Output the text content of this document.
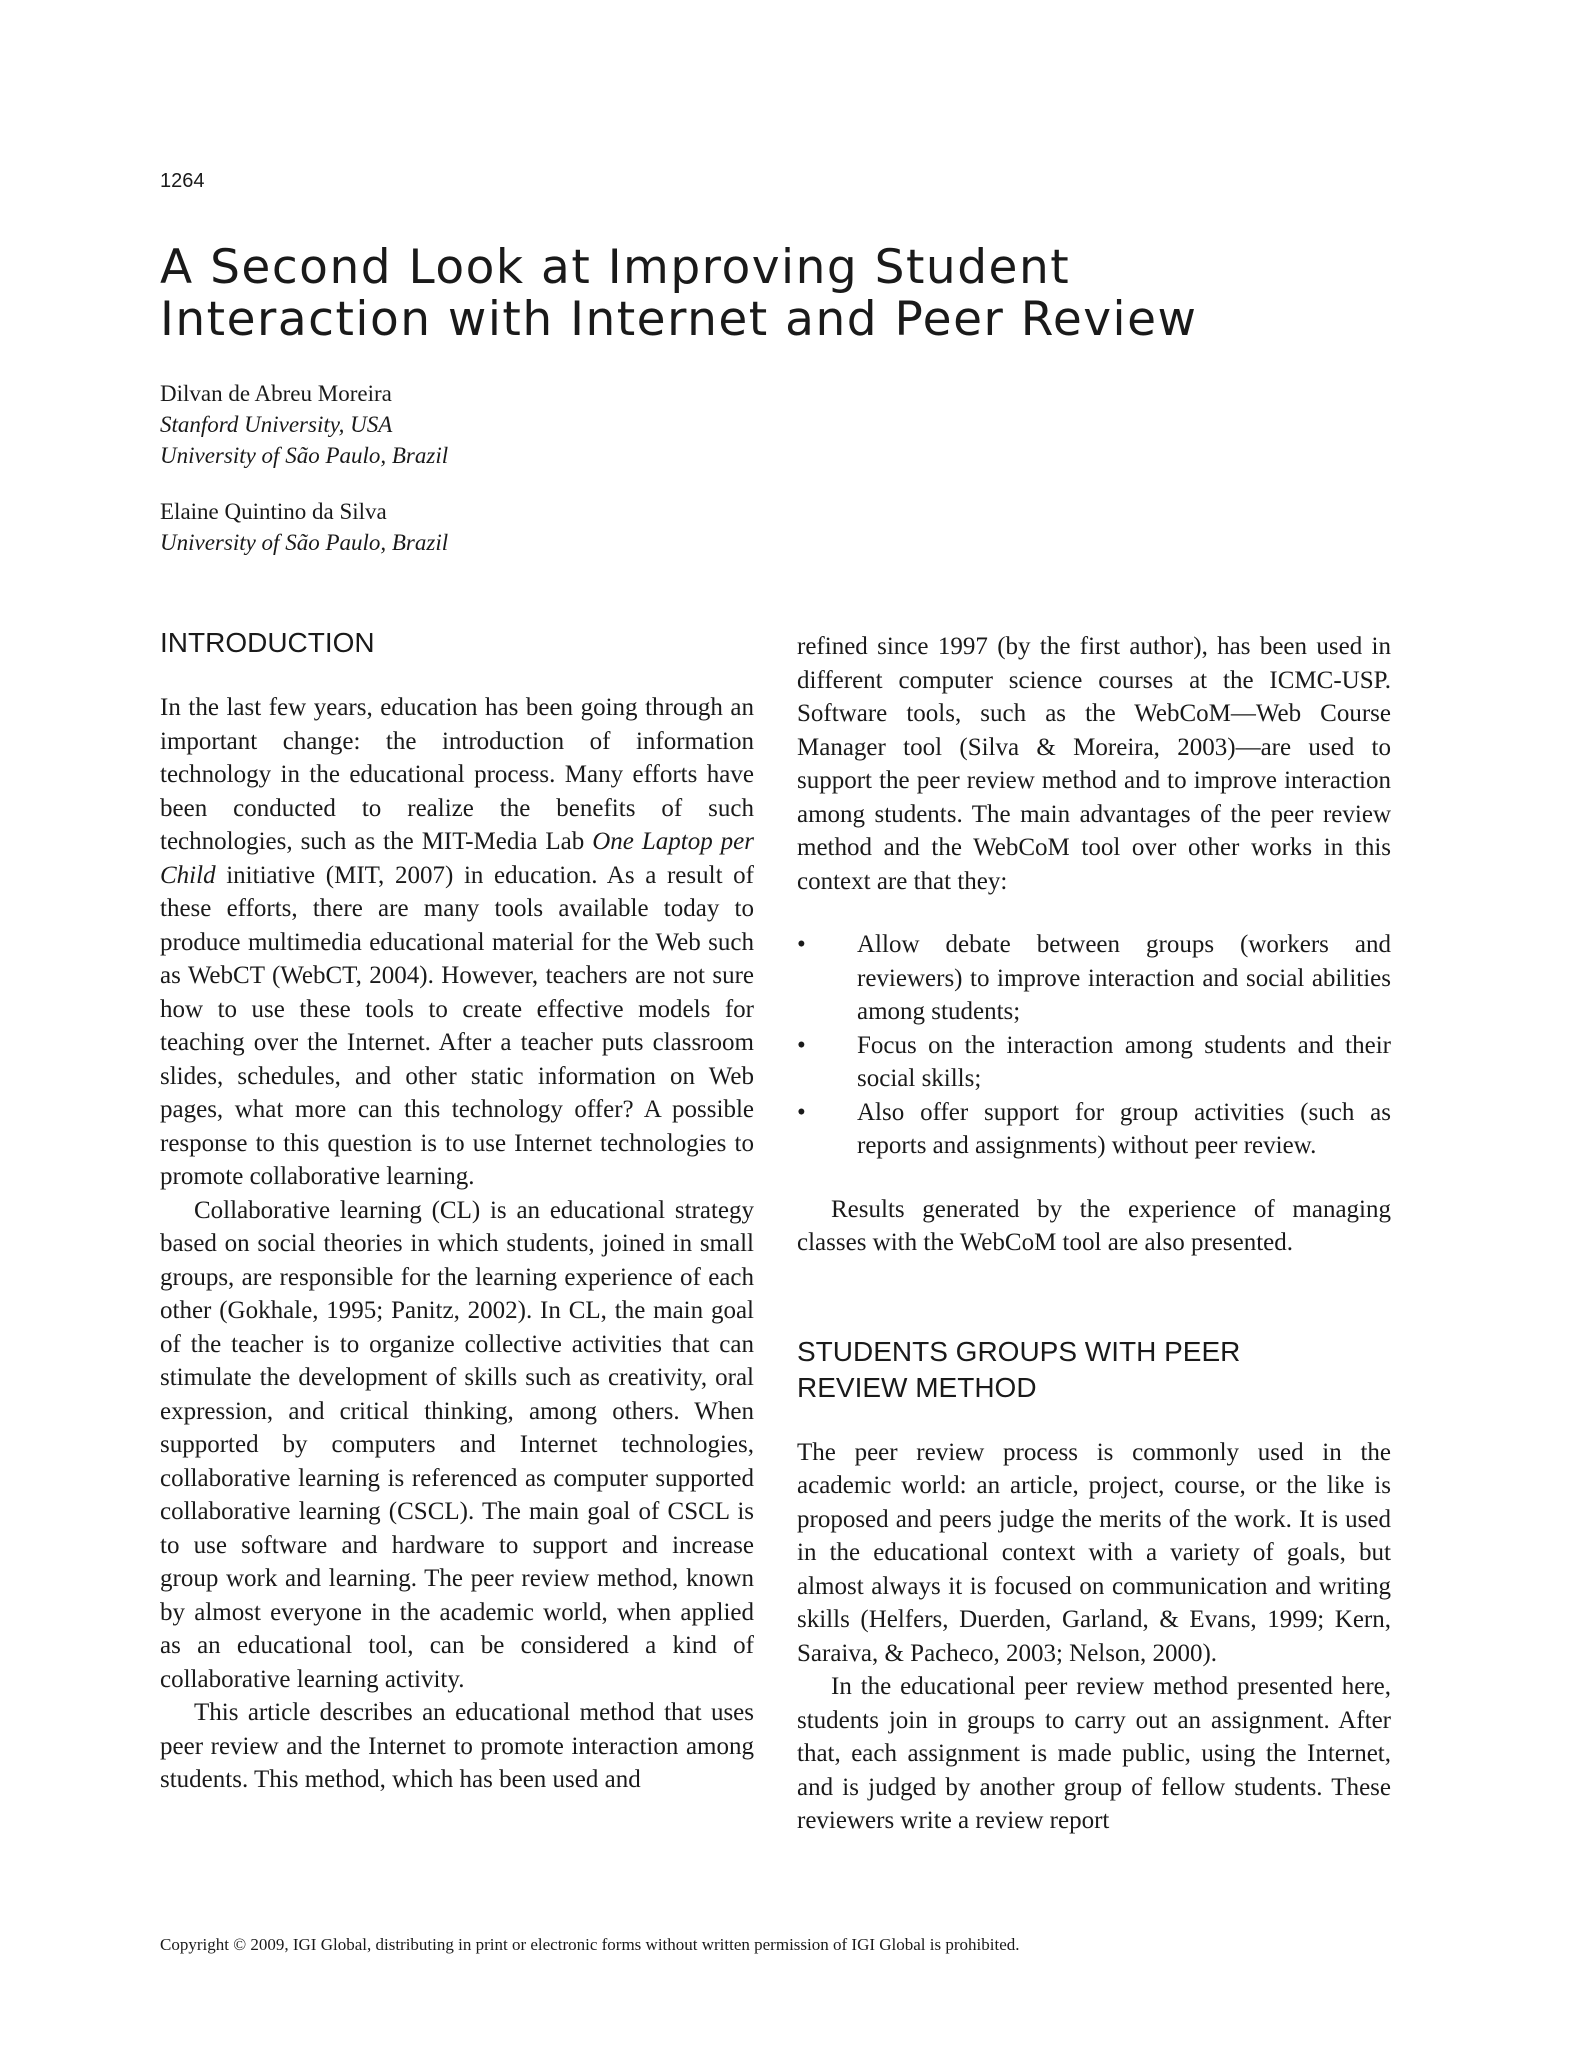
1264
A Second Look at Improving Student
Interaction with Internet and Peer Review
Dilvan de Abreu Moreira
Stanford University, USA
University of São Paulo, Brazil
Elaine Quintino da Silva
University of São Paulo, Brazil
INTRODUCTION

In the last few years, education has been going through an important change: the introduction of information technology in the educational process. Many efforts have been conducted to realize the benefits of such technologies, such as the MIT-Media Lab One Laptop per Child initiative (MIT, 2007) in education. As a result of these efforts, there are many tools available today to produce multimedia educational material for the Web such as WebCT (WebCT, 2004). However, teachers are not sure how to use these tools to create effective models for teaching over the Internet. After a teacher puts classroom slides, schedules, and other static information on Web pages, what more can this technology offer? A possible response to this question is to use Internet technologies to promote collaborative learning.

Collaborative learning (CL) is an educational strategy based on social theories in which students, joined in small groups, are responsible for the learning experience of each other (Gokhale, 1995; Panitz, 2002). In CL, the main goal of the teacher is to organize collective activities that can stimulate the development of skills such as creativity, oral expression, and critical thinking, among others. When supported by computers and Internet technologies, collaborative learning is referenced as computer supported collaborative learning (CSCL). The main goal of CSCL is to use software and hardware to support and increase group work and learning. The peer review method, known by almost everyone in the academic world, when applied as an educational tool, can be considered a kind of collaborative learning activity.

This article describes an educational method that uses peer review and the Internet to promote interaction among students. This method, which has been used and

refined since 1997 (by the first author), has been used in different computer science courses at the ICMC-USP. Software tools, such as the WebCoM—Web Course Manager tool (Silva & Moreira, 2003)—are used to support the peer review method and to improve interaction among students. The main advantages of the peer review method and the WebCoM tool over other works in this context are that they:

• Allow debate between groups (workers and reviewers) to improve interaction and social abilities among students;
• Focus on the interaction among students and their social skills;
• Also offer support for group activities (such as reports and assignments) without peer review.

Results generated by the experience of managing classes with the WebCoM tool are also presented.

STUDENTS GROUPS WITH PEER
REVIEW METHOD

The peer review process is commonly used in the academic world: an article, project, course, or the like is proposed and peers judge the merits of the work. It is used in the educational context with a variety of goals, but almost always it is focused on communication and writing skills (Helfers, Duerden, Garland, & Evans, 1999; Kern, Saraiva, & Pacheco, 2003; Nelson, 2000).

In the educational peer review method presented here, students join in groups to carry out an assignment. After that, each assignment is made public, using the Internet, and is judged by another group of fellow students. These reviewers write a review report

Copyright © 2009, IGI Global, distributing in print or electronic forms without written permission of IGI Global is prohibited.
